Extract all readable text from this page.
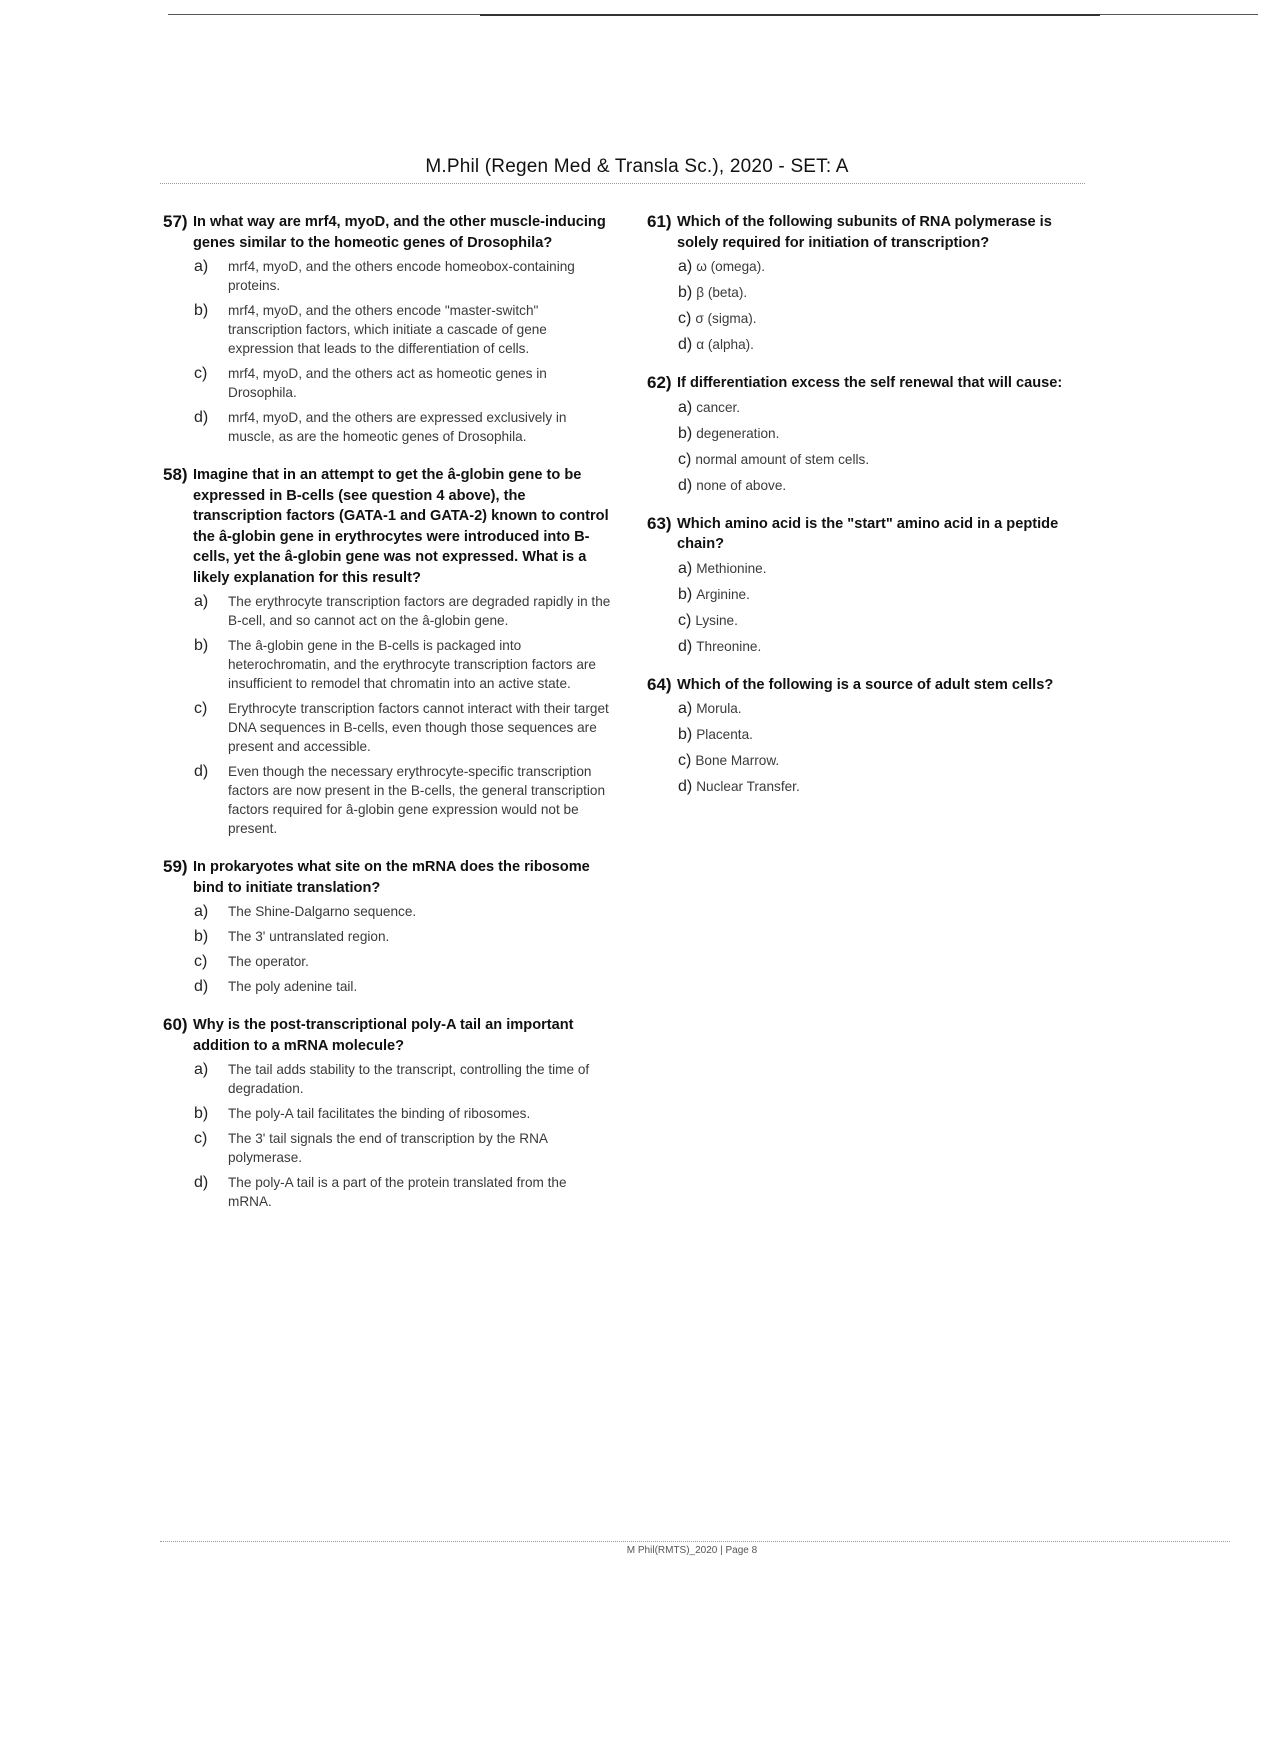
M.Phil (Regen Med & Transla Sc.), 2020 - SET: A
57) In what way are mrf4, myoD, and the other muscle-inducing genes similar to the homeotic genes of Drosophila?
a)	mrf4, myoD, and the others encode homeobox-containing proteins.
b)	mrf4, myoD, and the others encode "master-switch" transcription factors, which initiate a cascade of gene expression that leads to the differentiation of cells.
c)	mrf4, myoD, and the others act as homeotic genes in Drosophila.
d)	mrf4, myoD, and the others are expressed exclusively in muscle, as are the homeotic genes of Drosophila.
58) Imagine that in an attempt to get the â-globin gene to be expressed in B-cells (see question 4 above), the transcription factors (GATA-1 and GATA-2) known to control the â-globin gene in erythrocytes were introduced into B-cells, yet the â-globin gene was not expressed. What is a likely explanation for this result?
a)	The erythrocyte transcription factors are degraded rapidly in the B-cell, and so cannot act on the â-globin gene.
b)	The â-globin gene in the B-cells is packaged into heterochromatin, and the erythrocyte transcription factors are insufficient to remodel that chromatin into an active state.
c)	Erythrocyte transcription factors cannot interact with their target DNA sequences in B-cells, even though those sequences are present and accessible.
d)	Even though the necessary erythrocyte-specific transcription factors are now present in the B-cells, the general transcription factors required for â-globin gene expression would not be present.
59) In prokaryotes what site on the mRNA does the ribosome bind to initiate translation?
a)	The Shine-Dalgarno sequence.
b)	The 3' untranslated region.
c)	The operator.
d)	The poly adenine tail.
60) Why is the post-transcriptional poly-A tail an important addition to a mRNA molecule?
a)	The tail adds stability to the transcript, controlling the time of degradation.
b)	The poly-A tail facilitates the binding of ribosomes.
c)	The 3' tail signals the end of transcription by the RNA polymerase.
d)	The poly-A tail is a part of the protein translated from the mRNA.
61) Which of the following subunits of RNA polymerase is solely required for initiation of transcription?
a) ω (omega).
b) β (beta).
c) σ (sigma).
d) α (alpha).
62) If differentiation excess the self renewal that will cause:
a) cancer.
b) degeneration.
c) normal amount of stem cells.
d) none of above.
63) Which amino acid is the "start" amino acid in a peptide chain?
a) Methionine.
b) Arginine.
c) Lysine.
d) Threonine.
64) Which of the following is a source of adult stem cells?
a) Morula.
b) Placenta.
c) Bone Marrow.
d) Nuclear Transfer.
M Phil(RMTS)_2020 | Page 8
